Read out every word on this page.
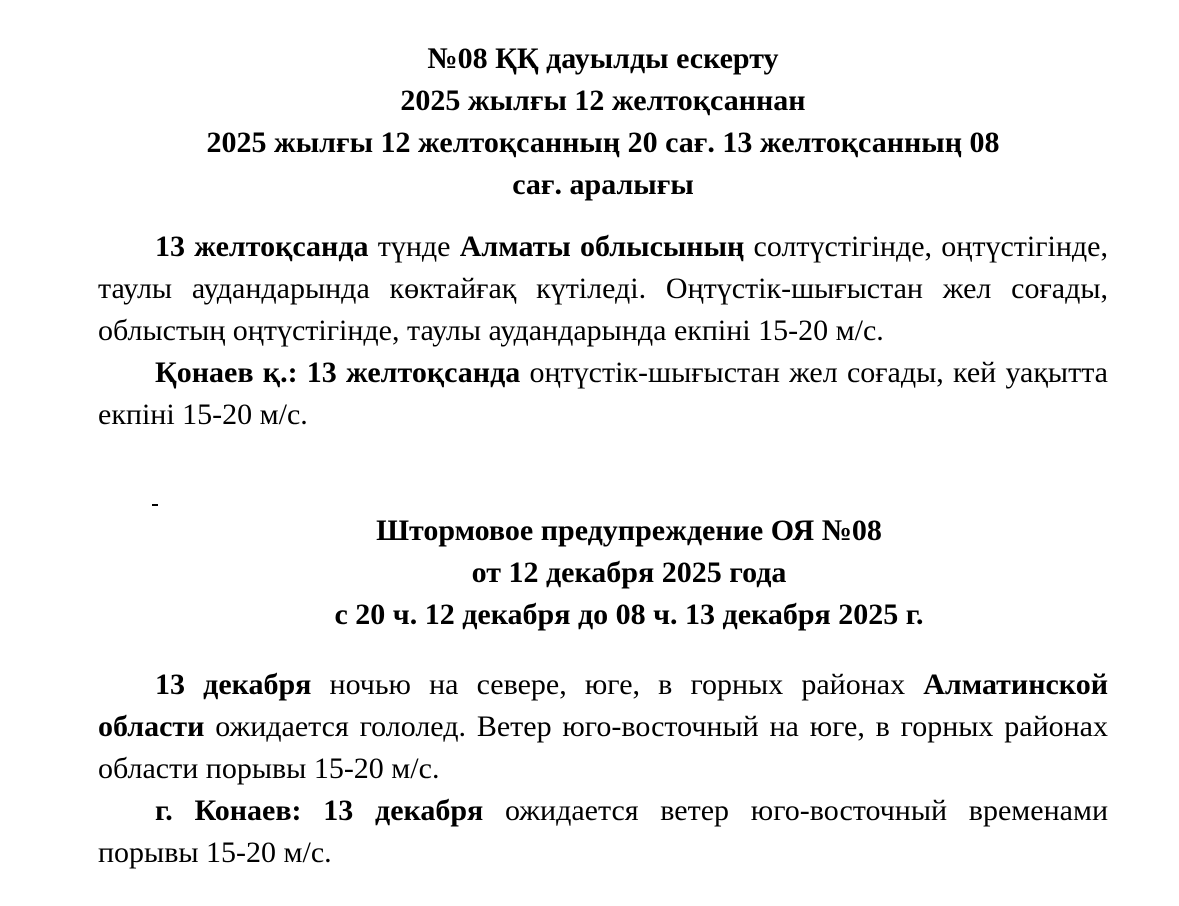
№08 ҚҚ дауылды ескерту
2025 жылғы 12 желтоқсаннан
2025 жылғы 12 желтоқсанның 20 сағ. 13 желтоқсанның 08
сағ. аралығы

13 желтоқсанда түнде Алматы облысының солтүстігінде, оңтүстігінде, таулы аудандарында көктайғақ күтіледі. Оңтүстік-шығыстан жел соғады, облыстың оңтүстігінде, таулы аудандарында екпіні 15-20 м/с.

Қонаев қ.: 13 желтоқсанда оңтүстік-шығыстан жел соғады, кей уақытта екпіні 15-20 м/с.

Штормовое предупреждение ОЯ №08
от 12 декабря 2025 года
с 20 ч. 12 декабря до 08 ч. 13 декабря 2025 г.

13 декабря ночью на севере, юге, в горных районах Алматинской области ожидается гололед. Ветер юго-восточный на юге, в горных районах области порывы 15-20 м/с.

г. Конаев: 13 декабря ожидается ветер юго-восточный временами порывы 15-20 м/с.
